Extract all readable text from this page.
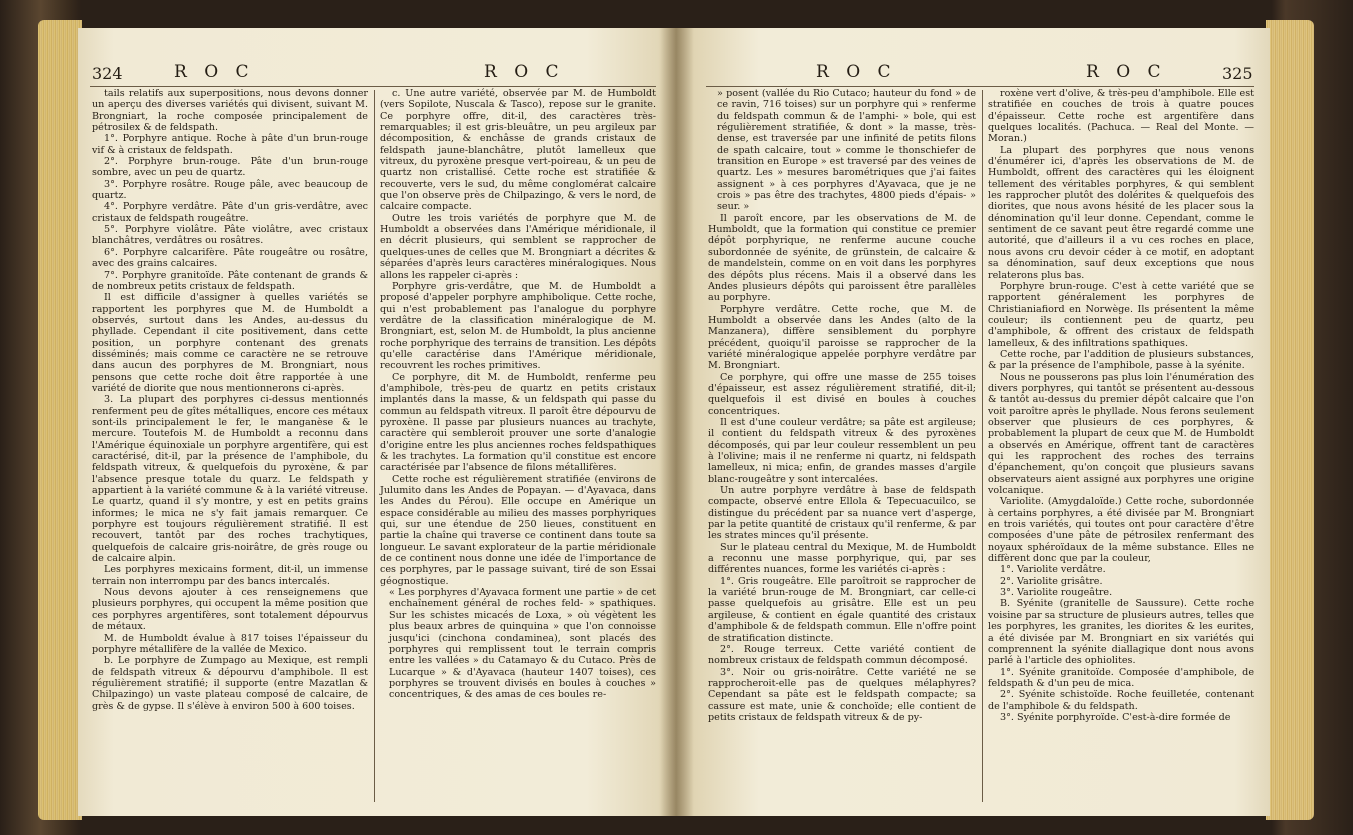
324	R O C	R O C

tails relatifs aux superpositions, nous devons donner un aperçu des diverses variétés qui divisent, suivant M. Brongniart, la roche composée principalement de pétrosilex & de feldspath.

1°. Porphyre antique. Roche à pâte d'un brun-rouge vif & à cristaux de feldspath.

2°. Porphyre brun-rouge. Pâte d'un brun-rouge sombre, avec un peu de quartz.

3°. Porphyre rosâtre. Rouge pâle, avec beaucoup de quartz.

4°. Porphyre verdâtre. Pâte d'un gris-verdâtre, avec cristaux de feldspath rougeâtre.

5°. Porphyre violâtre. Pâte violâtre, avec cristaux blanchâtres, verdâtres ou rosâtres.

6°. Porphyre calcarifère. Pâte rougeâtre ou rosâtre, avec des grains calcaires.

7°. Porphyre granitoïde. Pâte contenant de grands & de nombreux petits cristaux de feldspath.

Il est difficile d'assigner à quelles variétés se rapportent les porphyres que M. de Humboldt a observés, surtout dans les Andes, au-dessus du phyllade. Cependant il cite positivement, dans cette position, un porphyre contenant des grenats disséminés; mais comme ce caractère ne se retrouve dans aucun des porphyres de M. Brongniart, nous pensons que cette roche doit être rapportée à une variété de diorite que nous mentionnerons ci-après.

3. La plupart des porphyres ci-dessus mentionnés renferment peu de gîtes métalliques, encore ces métaux sont-ils principalement le fer, le manganèse & le mercure. Toutefois M. de Humboldt a reconnu dans l'Amérique équinoxiale un porphyre argentifère, qui est caractérisé, dit-il, par la présence de l'amphibole, du feldspath vitreux, & quelquefois du pyroxène, & par l'absence presque totale du quarz. Le feldspath y appartient à la variété commune & à la variété vitreuse. Le quartz, quand il s'y montre, y est en petits grains informes; le mica ne s'y fait jamais remarquer. Ce porphyre est toujours régulièrement stratifié. Il est recouvert, tantôt par des roches trachytiques, quelquefois de calcaire gris-noirâtre, de grès rouge ou de calcaire alpin.

Les porphyres mexicains forment, dit-il, un immense terrain non interrompu par des bancs intercalés.

Nous devons ajouter à ces renseignemens que plusieurs porphyres, qui occupent la même position que ces porphyres argentifères, sont totalement dépourvus de métaux.

M. de Humboldt évalue à 817 toises l'épaisseur du porphyre métallifère de la vallée de Mexico.

b. Le porphyre de Zumpago au Mexique, est rempli de feldspath vitreux & dépourvu d'amphibole. Il est régulièrement stratifié; il supporte (entre Mazatlan & Chilpazingo) un vaste plateau composé de calcaire, de grès & de gypse. Il s'élève à environ 500 à 600 toises.

c. Une autre variété, observée par M. de Humboldt (vers Sopilote, Nuscala & Tasco), repose sur le granite. Ce porphyre offre, dit-il, des caractères très-remarquables; il est gris-bleuâtre, un peu argileux par décomposition, & enchâsse de grands cristaux de feldspath jaune-blanchâtre, plutôt lamelleux que vitreux, du pyroxène presque vert-poireau, & un peu de quartz non cristallisé. Cette roche est stratifiée & recouverte, vers le sud, du même conglomérat calcaire que l'on observe près de Chilpazingo, & vers le nord, de calcaire compacte.

Outre les trois variétés de porphyre que M. de Humboldt a observées dans l'Amérique méridionale, il en décrit plusieurs, qui semblent se rapprocher de quelques-unes de celles que M. Brongniart a décrites & séparées d'après leurs caractères minéralogiques. Nous allons les rappeler ci-après :

Porphyre gris-verdâtre, que M. de Humboldt a proposé d'appeler porphyre amphibolique. Cette roche, qui n'est probablement pas l'analogue du porphyre verdâtre de la classification minéralogique de M. Brongniart, est, selon M. de Humboldt, la plus ancienne roche porphyrique des terrains de transition. Les dépôts qu'elle caractérise dans l'Amérique méridionale, recouvrent les roches primitives.

Ce porphyre, dit M. de Humboldt, renferme peu d'amphibole, très-peu de quartz en petits cristaux implantés dans la masse, & un feldspath qui passe du commun au feldspath vitreux. Il paroît être dépourvu de pyroxène. Il passe par plusieurs nuances au trachyte, caractère qui sembleroit prouver une sorte d'analogie d'origine entre les plus anciennes roches feldspathiques & les trachytes. La formation qu'il constitue est encore caractérisée par l'absence de filons métallifères.

Cette roche est régulièrement stratifiée (environs de Julumito dans les Andes de Popayan. — d'Ayavaca, dans les Andes du Pérou). Elle occupe en Amérique un espace considérable au milieu des masses porphyriques qui, sur une étendue de 250 lieues, constituent en partie la chaîne qui traverse ce continent dans toute sa longueur. Le savant explorateur de la partie méridionale de ce continent nous donne une idée de l'importance de ces porphyres, par le passage suivant, tiré de son Essai géognostique.

« Les porphyres d'Ayavaca forment une partie » de cet enchaînement général de roches feld- » spathiques. Sur les schistes micacés de Loxa, » où végètent les plus beaux arbres de quinquina » que l'on connoisse jusqu'ici (cinchona condaminea), sont placés des porphyres qui remplissent tout le terrain compris entre les vallées » du Catamayo & du Cutaco. Près de Lucarque » & d'Ayavaca (hauteur 1407 toises), ces porphyres se trouvent divisés en boules à couches » concentriques, & des amas de ces boules re-

R O C	R O C	325

» posent (vallée du Rio Cutaco; hauteur du fond » de ce ravin, 716 toises) sur un porphyre qui » renferme du feldspath commun & de l'amphi- » bole, qui est régulièrement stratifiée, & dont » la masse, très-dense, est traversée par une infinité de petits filons de spath calcaire, tout » comme le thonschiefer de transition en Europe » est traversé par des veines de quartz. Les » mesures barométriques que j'ai faites assignent » à ces porphyres d'Ayavaca, que je ne crois » pas être des trachytes, 4800 pieds d'épais- » seur. »

Il paroît encore, par les observations de M. de Humboldt, que la formation qui constitue ce premier dépôt porphyrique, ne renferme aucune couche subordonnée de syénite, de grünstein, de calcaire & de mandelstein, comme on en voit dans les porphyres des dépôts plus récens. Mais il a observé dans les Andes plusieurs dépôts qui paroissent être parallèles au porphyre.

Porphyre verdâtre. Cette roche, que M. de Humboldt a observée dans les Andes (alto de la Manzanera), diffère sensiblement du porphyre précédent, quoiqu'il paroisse se rapprocher de la variété minéralogique appelée porphyre verdâtre par M. Brongniart.

Ce porphyre, qui offre une masse de 255 toises d'épaisseur, est assez régulièrement stratifié, dit-il; quelquefois il est divisé en boules à couches concentriques.

Il est d'une couleur verdâtre; sa pâte est argileuse; il contient du feldspath vitreux & des pyroxènes décomposés, qui par leur couleur ressemblent un peu à l'olivine; mais il ne renferme ni quartz, ni feldspath lamelleux, ni mica; enfin, de grandes masses d'argile blanc-rougeâtre y sont intercalées.

Un autre porphyre verdâtre à base de feldspath compacte, observé entre Ellola & Tepecuacuilco, se distingue du précédent par sa nuance vert d'asperge, par la petite quantité de cristaux qu'il renferme, & par les strates minces qu'il présente.

Sur le plateau central du Mexique, M. de Humboldt a reconnu une masse porphyrique, qui, par ses différentes nuances, forme les variétés ci-après :

1°. Gris rougeâtre. Elle paroîtroit se rapprocher de la variété brun-rouge de M. Brongniart, car celle-ci passe quelquefois au grisâtre. Elle est un peu argileuse, & contient en égale quantité des cristaux d'amphibole & de feldspath commun. Elle n'offre point de stratification distincte.

2°. Rouge terreux. Cette variété contient de nombreux cristaux de feldspath commun décomposé.

3°. Noir ou gris-noirâtre. Cette variété ne se rapprocheroit-elle pas de quelques mélaphyres? Cependant sa pâte est le feldspath compacte; sa cassure est mate, unie & conchoïde; elle contient de petits cristaux de feldspath vitreux & de py-

roxène vert d'olive, & très-peu d'amphibole. Elle est stratifiée en couches de trois à quatre pouces d'épaisseur. Cette roche est argentifère dans quelques localités. (Pachuca. — Real del Monte. — Moran.)

La plupart des porphyres que nous venons d'énumérer ici, d'après les observations de M. de Humboldt, offrent des caractères qui les éloignent tellement des véritables porphyres, & qui semblent les rapprocher plutôt des dolérites & quelquefois des diorites, que nous avons hésité de les placer sous la dénomination qu'il leur donne. Cependant, comme le sentiment de ce savant peut être regardé comme une autorité, que d'ailleurs il a vu ces roches en place, nous avons cru devoir céder à ce motif, en adoptant sa dénomination, sauf deux exceptions que nous relaterons plus bas.

Porphyre brun-rouge. C'est à cette variété que se rapportent généralement les porphyres de Christianiafiord en Norwège. Ils présentent la même couleur; ils contiennent peu de quartz, peu d'amphibole, & offrent des cristaux de feldspath lamelleux, & des infiltrations spathiques.

Cette roche, par l'addition de plusieurs substances, & par la présence de l'amphibole, passe à la syénite.

Nous ne pousserons pas plus loin l'énumération des divers porphyres, qui tantôt se présentent au-dessous & tantôt au-dessus du premier dépôt calcaire que l'on voit paroître après le phyllade. Nous ferons seulement observer que plusieurs de ces porphyres, & probablement la plupart de ceux que M. de Humboldt a observés en Amérique, offrent tant de caractères qui les rapprochent des roches des terrains d'épanchement, qu'on conçoit que plusieurs savans observateurs aient assigné aux porphyres une origine volcanique.

Variolite. (Amygdaloïde.) Cette roche, subordonnée à certains porphyres, a été divisée par M. Brongniart en trois variétés, qui toutes ont pour caractère d'être composées d'une pâte de pétrosilex renfermant des noyaux sphéroïdaux de la même substance. Elles ne diffèrent donc que par la couleur,

1°. Variolite verdâtre.

2°. Variolite grisâtre.

3°. Variolite rougeâtre.

B. Syénite (granitelle de Saussure). Cette roche voisine par sa structure de plusieurs autres, telles que les porphyres, les granites, les diorites & les eurites, a été divisée par M. Brongniart en six variétés qui comprennent la syénite diallagique dont nous avons parlé à l'article des ophiolites.

1°. Syénite granitoïde. Composée d'amphibole, de feldspath & d'un peu de mica.

2°. Syénite schistoïde. Roche feuilletée, contenant de l'amphibole & du feldspath.

3°. Syénite porphyroïde. C'est-à-dire formée de
